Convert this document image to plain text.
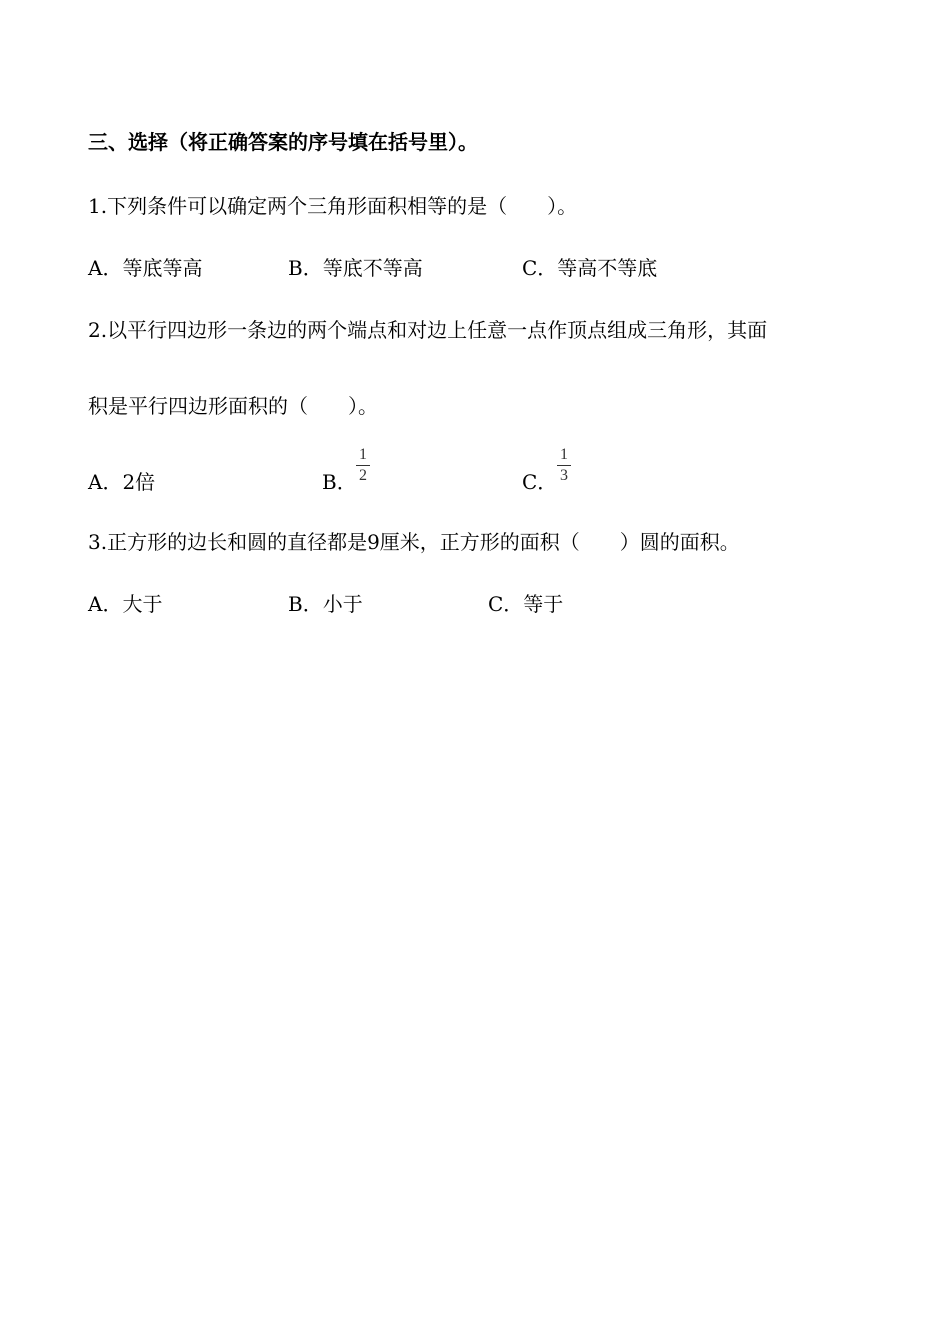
三、选择（将正确答案的序号填在括号里）。
1.下列条件可以确定两个三角形面积相等的是（　　）。
A．等底等高	B．等底不等高	C．等高不等底
2.以平行四边形一条边的两个端点和对边上任意一点作顶点组成三角形，其面
积是平行四边形面积的（　　）。
A．2倍	B．
1
2	C．
1
3
3.正方形的边长和圆的直径都是9厘米，正方形的面积（　　）圆的面积。
A．大于	B．小于	C．等于
